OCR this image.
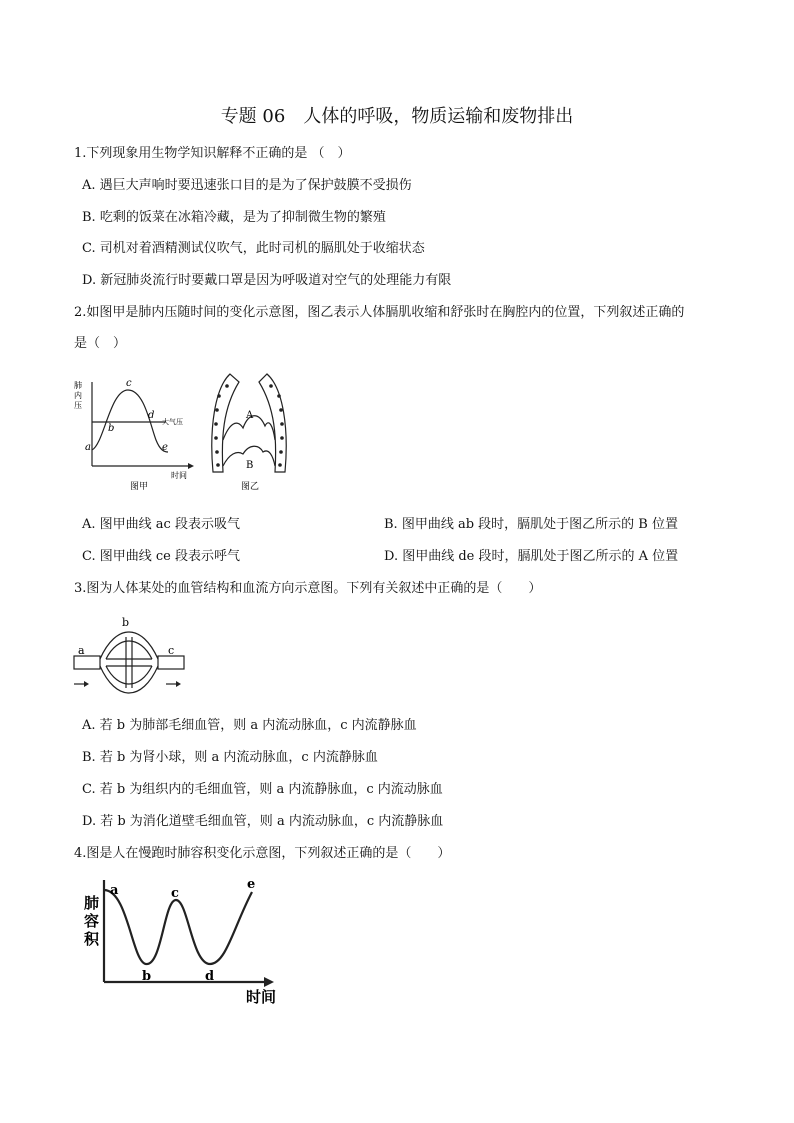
专题 06　人体的呼吸，物质运输和废物排出
1.下列现象用生物学知识解释不正确的是 （　）
A. 遇巨大声响时要迅速张口目的是为了保护鼓膜不受损伤
B. 吃剩的饭菜在冰箱冷藏，是为了抑制微生物的繁殖
C. 司机对着酒精测试仪吹气，此时司机的膈肌处于收缩状态
D. 新冠肺炎流行时要戴口罩是因为呼吸道对空气的处理能力有限
2.如图甲是肺内压随时间的变化示意图，图乙表示人体膈肌收缩和舒张时在胸腔内的位置，下列叙述正确的
是（　）
肺
内
压
时间
大气压
a
b
c
d
e
图甲
A
B
图乙
A. 图甲曲线 ac 段表示吸气	B. 图甲曲线 ab 段时，膈肌处于图乙所示的 B 位置
C. 图甲曲线 ce 段表示呼气	D. 图甲曲线 de 段时，膈肌处于图乙所示的 A 位置
3.图为人体某处的血管结构和血流方向示意图。下列有关叙述中正确的是（　　）
a
b
c
A. 若 b 为肺部毛细血管，则 a 内流动脉血，c 内流静脉血
B. 若 b 为肾小球，则 a 内流动脉血，c 内流静脉血
C. 若 b 为组织内的毛细血管，则 a 内流静脉血，c 内流动脉血
D. 若 b 为消化道壁毛细血管，则 a 内流动脉血，c 内流静脉血
4.图是人在慢跑时肺容积变化示意图，下列叙述正确的是（　　）
肺
容
积
时间
a
b
c
d
e
